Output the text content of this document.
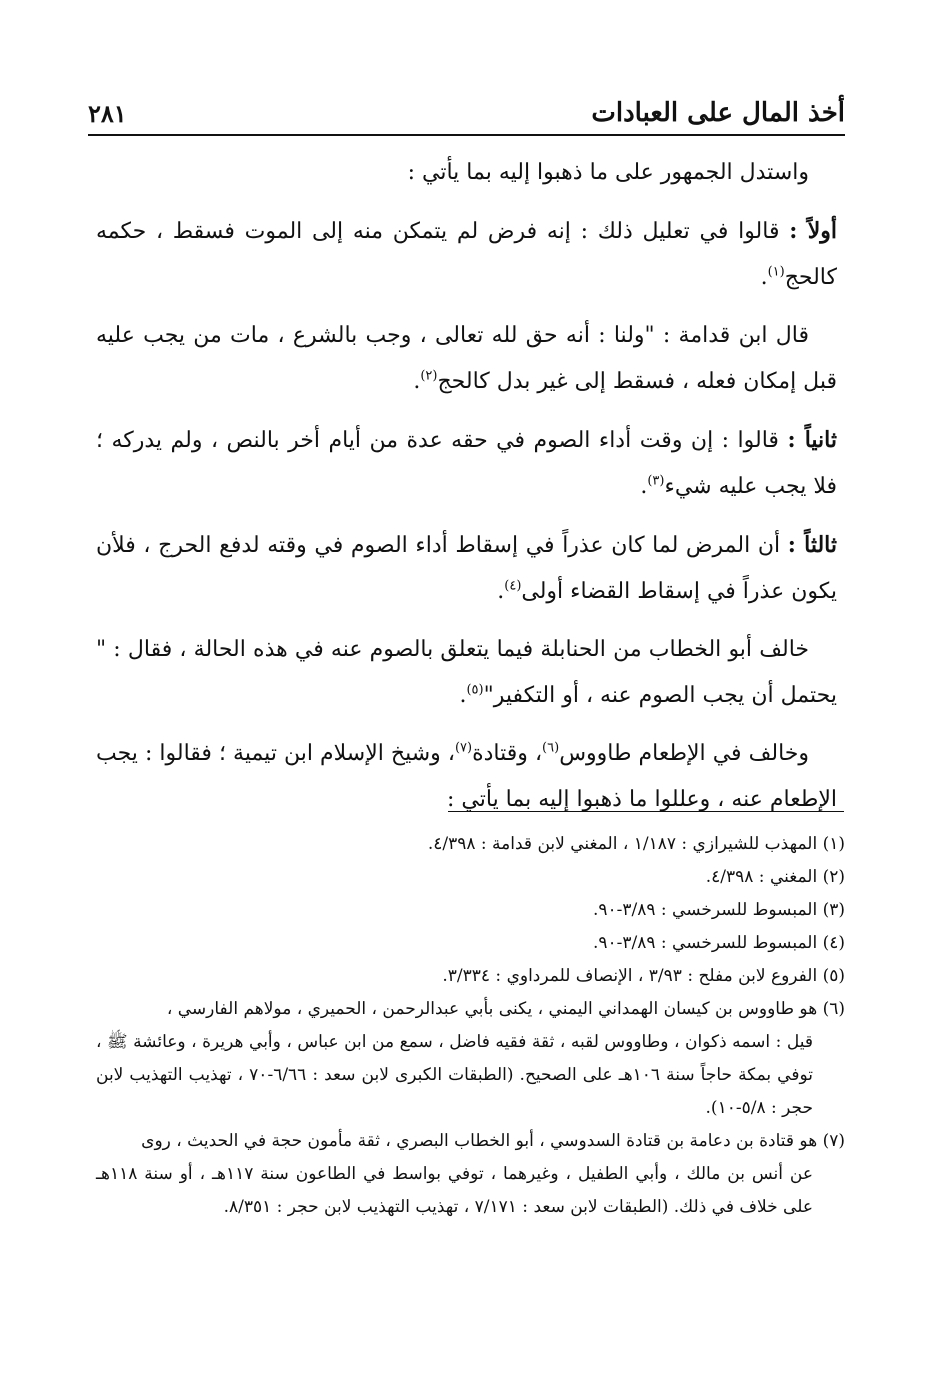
أخذ المال على العبادات
٢٨١

واستدل الجمهور على ما ذهبوا إليه بما يأتي :

أولاً : قالوا في تعليل ذلك : إنه فرض لم يتمكن منه إلى الموت فسقط ، حكمه كالحج$^{(١)}$.

قال ابن قدامة : "ولنا : أنه حق لله تعالى ، وجب بالشرع ، مات من يجب عليه قبل إمكان فعله ، فسقط إلى غير بدل كالحج$^{(٢)}$.

ثانياً : قالوا : إن وقت أداء الصوم في حقه عدة من أيام أخر بالنص ، ولم يدركه ؛ فلا يجب عليه شيء$^{(٣)}$.

ثالثاً : أن المرض لما كان عذراً في إسقاط أداء الصوم في وقته لدفع الحرج ، فلأن يكون عذراً في إسقاط القضاء أولى$^{(٤)}$.

خالف أبو الخطاب من الحنابلة فيما يتعلق بالصوم عنه في هذه الحالة ، فقال : " يحتمل أن يجب الصوم عنه ، أو التكفير"$^{(٥)}$.

وخالف في الإطعام طاووس$^{(٦)}$، وقتادة$^{(٧)}$، وشيخ الإسلام ابن تيمية ؛ فقالوا : يجب الإطعام عنه ، وعللوا ما ذهبوا إليه بما يأتي :

(١) المهذب للشيرازي : ١/١٨٧ ، المغني لابن قدامة : ٤/٣٩٨.

(٢) المغني : ٤/٣٩٨.

(٣) المبسوط للسرخسي : ٣/٨٩-٩٠.

(٤) المبسوط للسرخسي : ٣/٨٩-٩٠.

(٥) الفروع لابن مفلح : ٣/٩٣ ، الإنصاف للمرداوي : ٣/٣٣٤.

(٦) هو طاووس بن كيسان الهمداني اليمني ، يكنى بأبي عبدالرحمن ، الحميري ، مولاهم الفارسي ،
قيل : اسمه ذكوان ، وطاووس لقبه ، ثقة فقيه فاضل ، سمع من ابن عباس ، وأبي هريرة ، وعائشة ﷺ ، توفي بمكة حاجاً سنة ١٠٦هـ على الصحيح. (الطبقات الكبرى لابن سعد : ٦/٦٦-٧٠ ، تهذيب التهذيب لابن حجر : ٥/٨-١٠).

(٧) هو قتادة بن دعامة بن قتادة السدوسي ، أبو الخطاب البصري ، ثقة مأمون حجة في الحديث ، روى
عن أنس بن مالك ، وأبي الطفيل ، وغيرهما ، توفي بواسط في الطاعون سنة ١١٧هـ ، أو سنة ١١٨هـ على خلاف في ذلك. (الطبقات لابن سعد : ٧/١٧١ ، تهذيب التهذيب لابن حجر : ٨/٣٥١.
